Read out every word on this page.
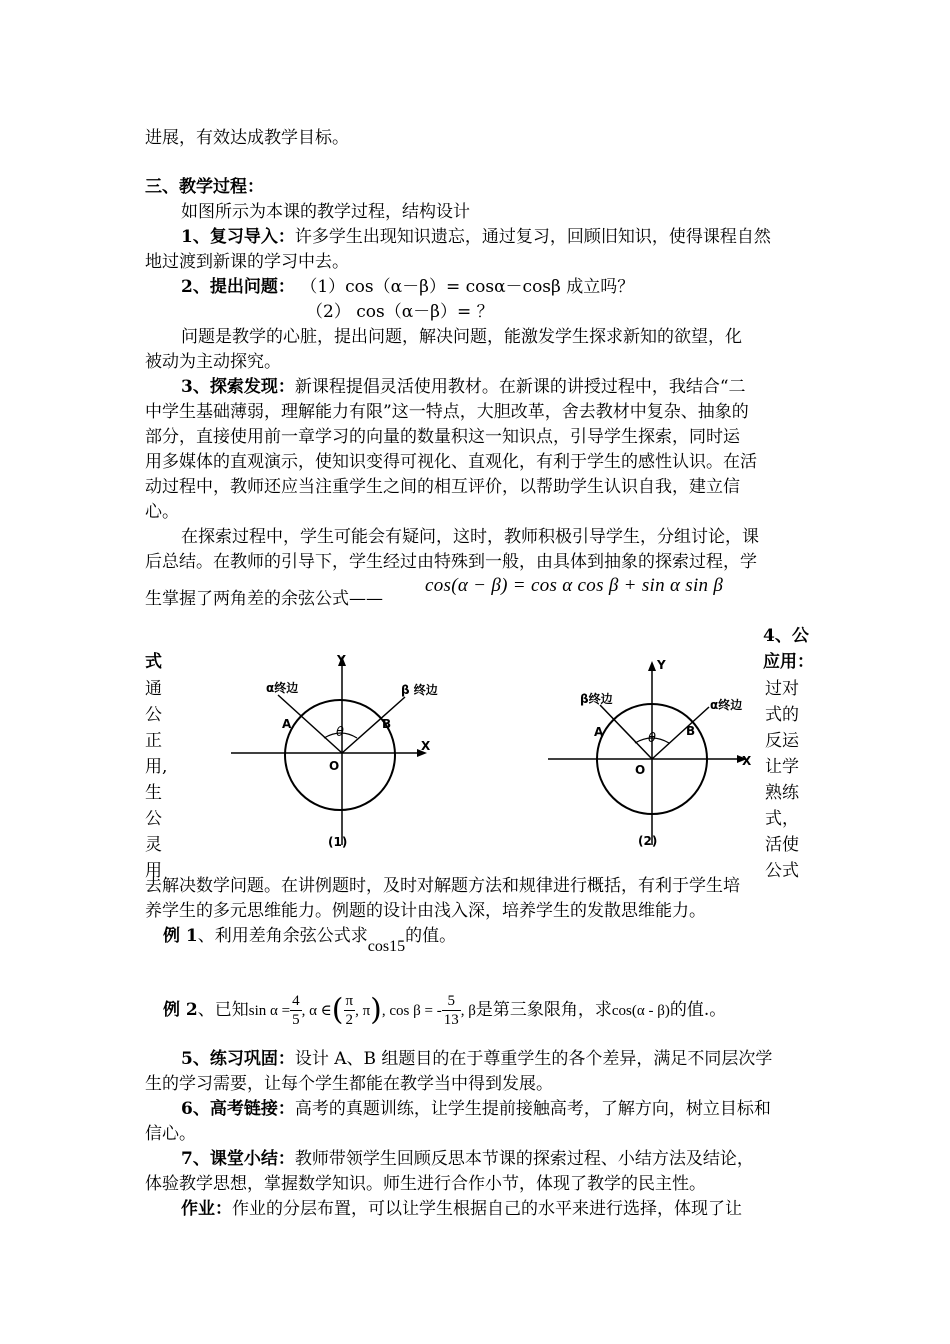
进展，有效达成教学目标。
三、教学过程：
如图所示为本课的教学过程，结构设计
1、复习导入：许多学生出现知识遗忘，通过复习，回顾旧知识，使得课程自然
地过渡到新课的学习中去。
2、提出问题： （1）cos（α－β）= cosα－cosβ 成立吗？
（2） cos（α－β）= ？
问题是教学的心脏，提出问题，解决问题，能激发学生探求新知的欲望，化
被动为主动探究。
3、探索发现：新课程提倡灵活使用教材。在新课的讲授过程中，我结合“二
中学生基础薄弱，理解能力有限”这一特点，大胆改革，舍去教材中复杂、抽象的
部分，直接使用前一章学习的向量的数量积这一知识点，引导学生探索，同时运
用多媒体的直观演示，使知识变得可视化、直观化，有利于学生的感性认识。在活
动过程中，教师还应当注重学生之间的相互评价，以帮助学生认识自我，建立信
心。
在探索过程中，学生可能会有疑问，这时，教师积极引导学生，分组讨论，课
后总结。在教师的引导下，学生经过由特殊到一般，由具体到抽象的探索过程，学
生掌握了两角差的余弦公式——
cos(α − β) = cos α cos β + sin α sin β
4、公
式	应用：
通
公
正
用,
生
公
灵
用
过对
式的
反运
让学
熟练
式，
活使
公式
Y
X
O
A	B
θ
α终边	β 终边
(1)
Y
X
O
A	B
θ
β终边	α终边
(2)
去解决数学问题。在讲例题时，及时对解题方法和规律进行概括，有利于学生培
养学生的多元思维能力。例题的设计由浅入深，培养学生的发散思维能力。
例 1、利用差角余弦公式求cos15的值。
例 2、已知$\sin \alpha = \frac{4}{5}$ , α ∈( $\frac{\pi}{2}$ , π), cos β = - $\frac{5}{13}$ , β是第三象限角，求cos(α - β)的值.。
5、练习巩固：设计 A、B 组题目的在于尊重学生的各个差异，满足不同层次学
生的学习需要，让每个学生都能在教学当中得到发展。
6、高考链接：高考的真题训练，让学生提前接触高考，了解方向，树立目标和
信心。
7、课堂小结：教师带领学生回顾反思本节课的探索过程、小结方法及结论，
体验教学思想，掌握数学知识。师生进行合作小节，体现了教学的民主性。
作业：作业的分层布置，可以让学生根据自己的水平来进行选择，体现了让
